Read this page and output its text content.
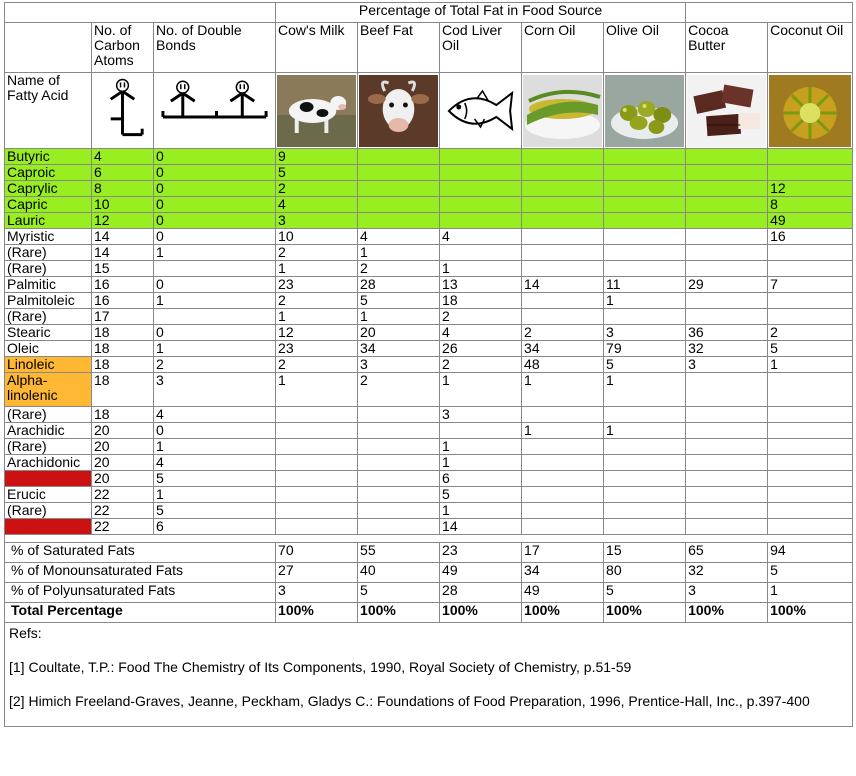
			Percentage of Total Fat in Food Source						
	No. of Carbon Atoms	No. of Double Bonds	Cow's Milk	Beef Fat	Cod Liver Oil	Corn Oil	Olive Oil	Cocoa Butter	Coconut Oil
Name of Fatty Acid	

Butyric	4	0	9						
Caproic	6	0	5						
Caprylic	8	0	2						12
Capric	10	0	4						8
Lauric	12	0	3						49
Myristic	14	0	10	4	4				16
(Rare)	14	1	2	1					
(Rare)	15		1	2	1				
Palmitic	16	0	23	28	13	14	11	29	7
Palmitoleic	16	1	2	5	18		1		
(Rare)	17		1	1	2				
Stearic	18	0	12	20	4	2	3	36	2
Oleic	18	1	23	34	26	34	79	32	5
Linoleic	18	2	2	3	2	48	5	3	1
Alpha-linolenic	18	3	1	2	1	1	1		
(Rare)	18	4			3				
Arachidic	20	0				1	1		
(Rare)	20	1			1				
Arachidonic	20	4			1				
EPA	20	5			6				
Erucic	22	1			5				
(Rare)	22	5			1				
DHA	22	6			14				

% of Saturated Fats			70	55	23	17	15	65	94
% of Monounsaturated Fats			27	40	49	34	80	32	5
% of Polyunsaturated Fats			3	5	28	49	5	3	1
Total Percentage			100%	100%	100%	100%	100%	100%	100%

Refs:
[1] Coultate, T.P.: Food The Chemistry of Its Components, 1990, Royal Society of Chemistry, p.51-59
[2] Himich Freeland-Graves, Jeanne, Peckham, Gladys C.: Foundations of Food Preparation, 1996, Prentice-Hall, Inc., p.397-400									
